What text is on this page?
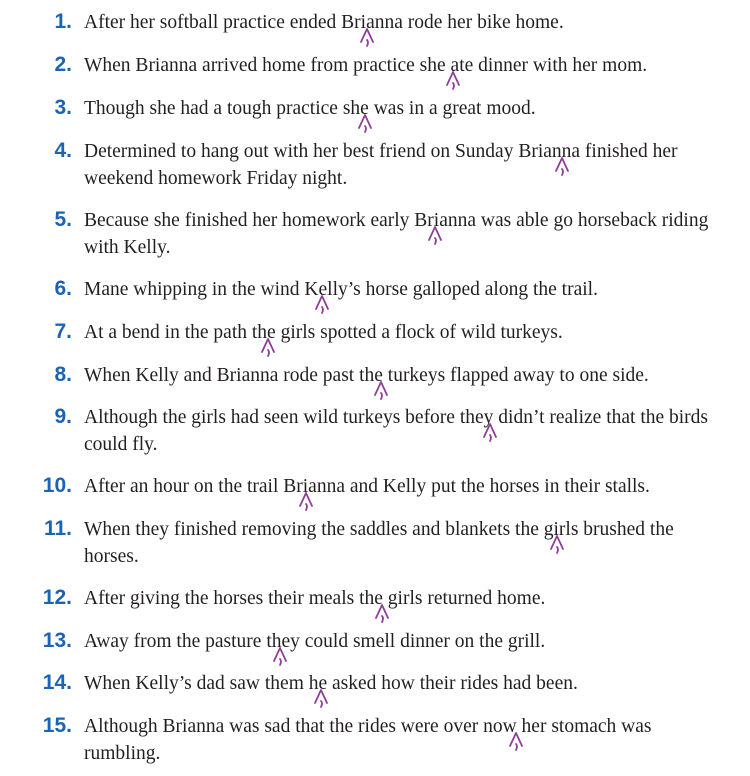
1. After her softball practice ended Brianna rode her bike home.
2. When Brianna arrived home from practice she ate dinner with her mom.
3. Though she had a tough practice she was in a great mood.
4. Determined to hang out with her best friend on Sunday Brianna finished her weekend homework Friday night.
5. Because she finished her homework early Brianna was able go horseback riding with Kelly.
6. Mane whipping in the wind Kelly’s horse galloped along the trail.
7. At a bend in the path the girls spotted a flock of wild turkeys.
8. When Kelly and Brianna rode past the turkeys flapped away to one side.
9. Although the girls had seen wild turkeys before they didn’t realize that the birds could fly.
10. After an hour on the trail Brianna and Kelly put the horses in their stalls.
11. When they finished removing the saddles and blankets the girls brushed the horses.
12. After giving the horses their meals the girls returned home.
13. Away from the pasture they could smell dinner on the grill.
14. When Kelly’s dad saw them he asked how their rides had been.
15. Although Brianna was sad that the rides were over now her stomach was rumbling.
